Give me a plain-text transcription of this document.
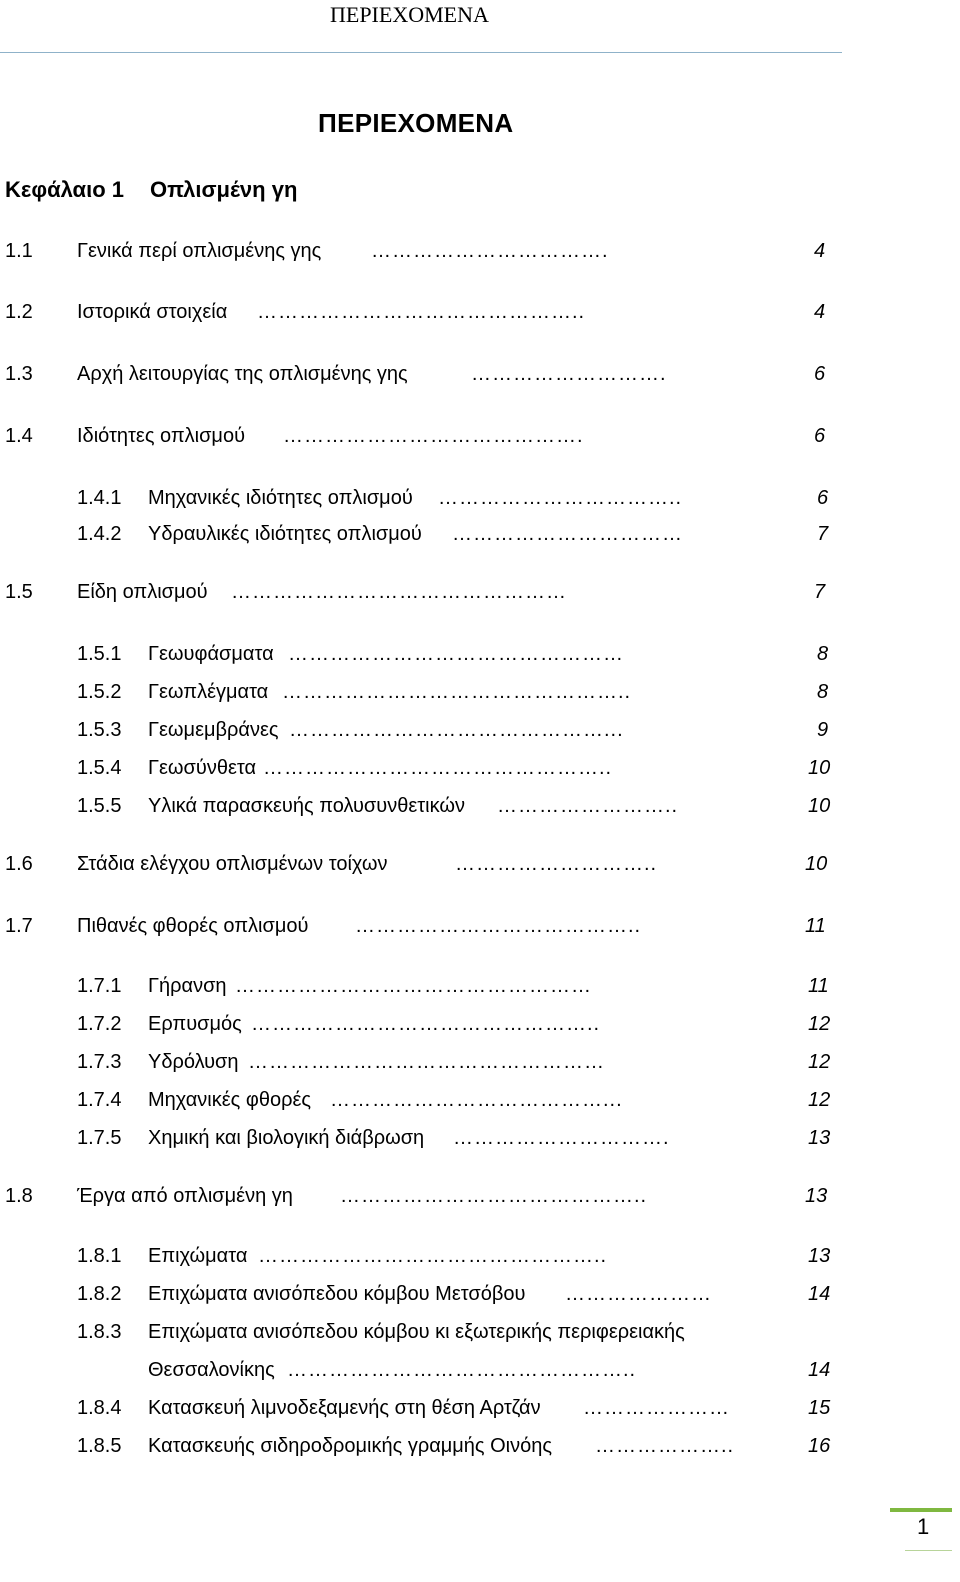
ΠΕΡΙΕΧΟΜΕΝΑ
ΠΕΡΙΕΧΟΜΕΝΑ
Κεφάλαιο 1 Οπλισμένη γη
1.1 Γενικά περί οπλισμένης γης …………………………….	4
1.2 Ιστορικά στοιχεία ………………………………………..	4
1.3 Αρχή λειτουργίας της οπλισμένης γης	……………………….	6
1.4 Ιδιότητες οπλισμού …………………………………….	6
1.4.1 Μηχανικές ιδιότητες οπλισμού ……………………………..	6
1.4.2 Υδραυλικές ιδιότητες οπλισμού ……………………………	7
1.5 Είδη οπλισμού …………………………………………	7
1.5.1 Γεωυφάσματα …………………………………………	8
1.5.2 Γεωπλέγματα …………………………………………..	8
1.5.3 Γεωμεμβράνες ………………………………………...	9
1.5.4 Γεωσύνθετα …………………………………………..	10
1.5.5 Υλικά παρασκευής πολυσυνθετικών ……………………..	10
1.6 Στάδια ελέγχου οπλισμένων τοίχων	………………………..	10
1.7 Πιθανές φθορές οπλισμού …………………………………..	11
1.7.1 Γήρανση ……………………………………………	11
1.7.2 Ερπυσμός …………………………………………..	12
1.7.3 Υδρόλυση ……………………………………………	12
1.7.4 Μηχανικές φθορές …………………………………...	12
1.7.5 Χημική και βιολογική διάβρωση ………………………….	13
1.8 Έργα από οπλισμένη γη ……………………………………..	13
1.8.1 Επιχώματα …………………………………………..	13
1.8.2 Επιχώματα ανισόπεδου κόμβου Μετσόβου …………………	14
1.8.3 Επιχώματα ανισόπεδου κόμβου κι εξωτερικής περιφερειακής
Θεσσαλονίκης …………………………………………..	14
1.8.4 Κατασκευή λιμνοδεξαμενής στη θέση Αρτζάν …………………	15
1.8.5 Κατασκευής σιδηροδρομικής γραμμής Οινόης ………………..	16
1
